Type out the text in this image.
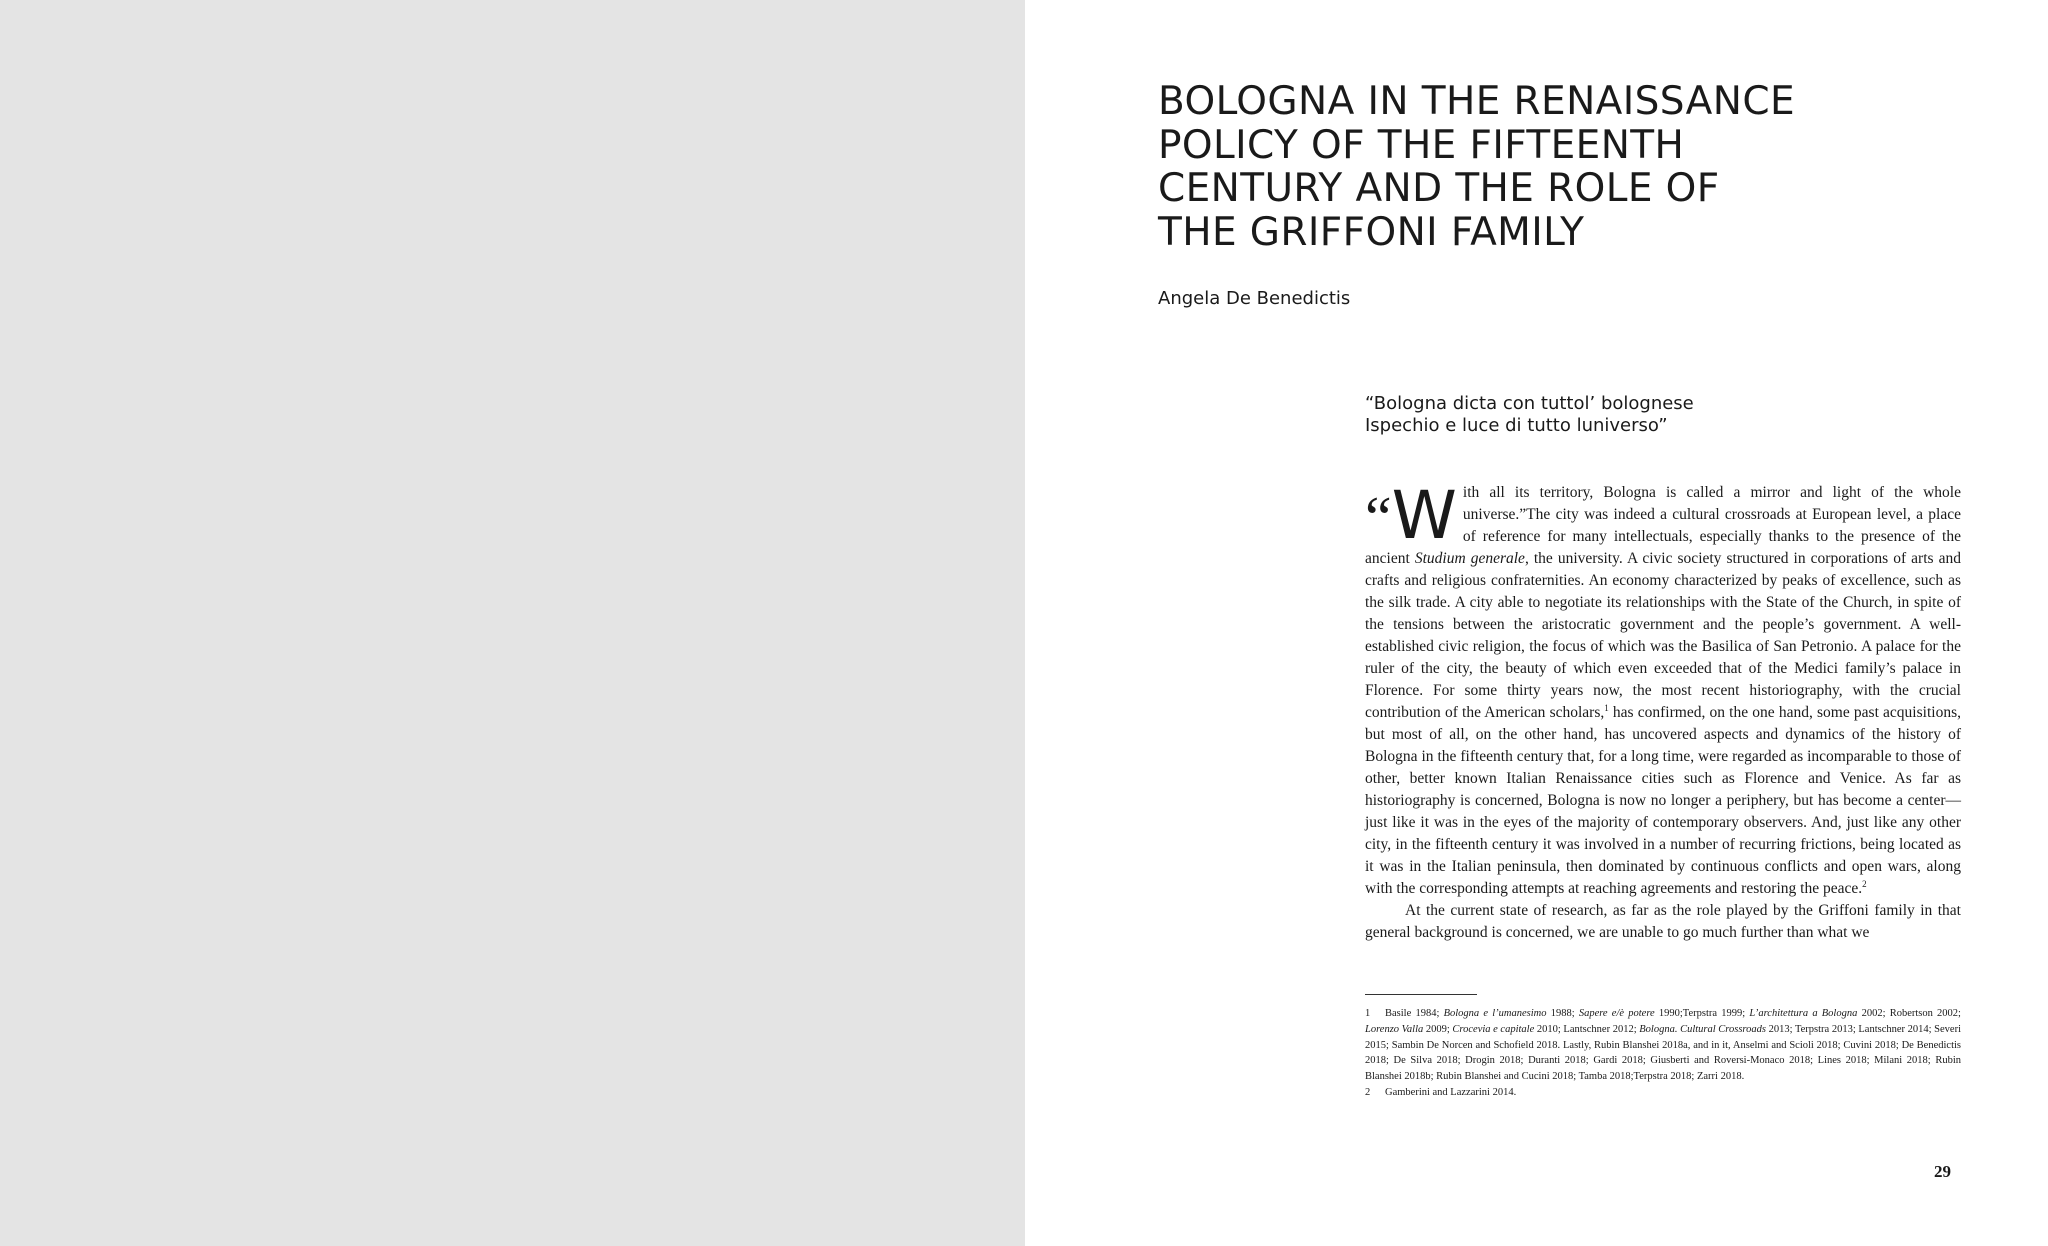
BOLOGNA IN THE RENAISSANCE
POLICY OF THE FIFTEENTH
CENTURY AND THE ROLE OF
THE GRIFFONI FAMILY
Angela De Benedictis
“Bologna dicta con tuttol’ bolognese
Ispechio e luce di tutto luniverso”

“W ith all its territory, Bologna is called a mirror and light of the whole universe.”The city was indeed a cultural crossroads at European level, a place of reference for many intellectuals, especially thanks to the presence of the ancient Studium generale, the university. A civic society structured in corporations of arts and crafts and religious confraternities. An economy characterized by peaks of excellence, such as the silk trade. A city able to negotiate its relationships with the State of the Church, in spite of the tensions between the aristocratic government and the people’s government. A well-established civic religion, the focus of which was the Basilica of San Petronio. A palace for the ruler of the city, the beauty of which even exceeded that of the Medici family’s palace in Florence. For some thirty years now, the most recent historiography, with the crucial contribution of the American scholars,$^1$ has confirmed, on the one hand, some past acquisitions, but most of all, on the other hand, has uncovered aspects and dynamics of the history of Bologna in the fifteenth century that, for a long time, were regarded as incomparable to those of other, better known Italian Renaissance cities such as Florence and Venice. As far as historiography is concerned, Bologna is now no longer a periphery, but has become a center—just like it was in the eyes of the majority of contemporary observers. And, just like any other city, in the fifteenth century it was involved in a number of recurring frictions, being located as it was in the Italian peninsula, then dominated by continuous conflicts and open wars, along with the corresponding attempts at reaching agreements and restoring the peace.$^2$

At the current state of research, as far as the role played by the Griffoni family in that general background is concerned, we are unable to go much further than what we

1 Basile 1984; Bologna e l’umanesimo 1988; Sapere e/è potere 1990;Terpstra 1999; L’architettura a Bologna 2002; Robertson 2002; Lorenzo Valla 2009; Crocevia e capitale 2010; Lantschner 2012; Bologna. Cultural Crossroads 2013; Terpstra 2013; Lantschner 2014; Severi 2015; Sambin De Norcen and Schofield 2018. Lastly, Rubin Blanshei 2018a, and in it, Anselmi and Scioli 2018; Cuvini 2018; De Benedictis 2018; De Silva 2018; Drogin 2018; Duranti 2018; Gardi 2018; Giusberti and Roversi-Monaco 2018; Lines 2018; Milani 2018; Rubin Blanshei 2018b; Rubin Blanshei and Cucini 2018; Tamba 2018;Terpstra 2018; Zarri 2018.

2 Gamberini and Lazzarini 2014.

29
